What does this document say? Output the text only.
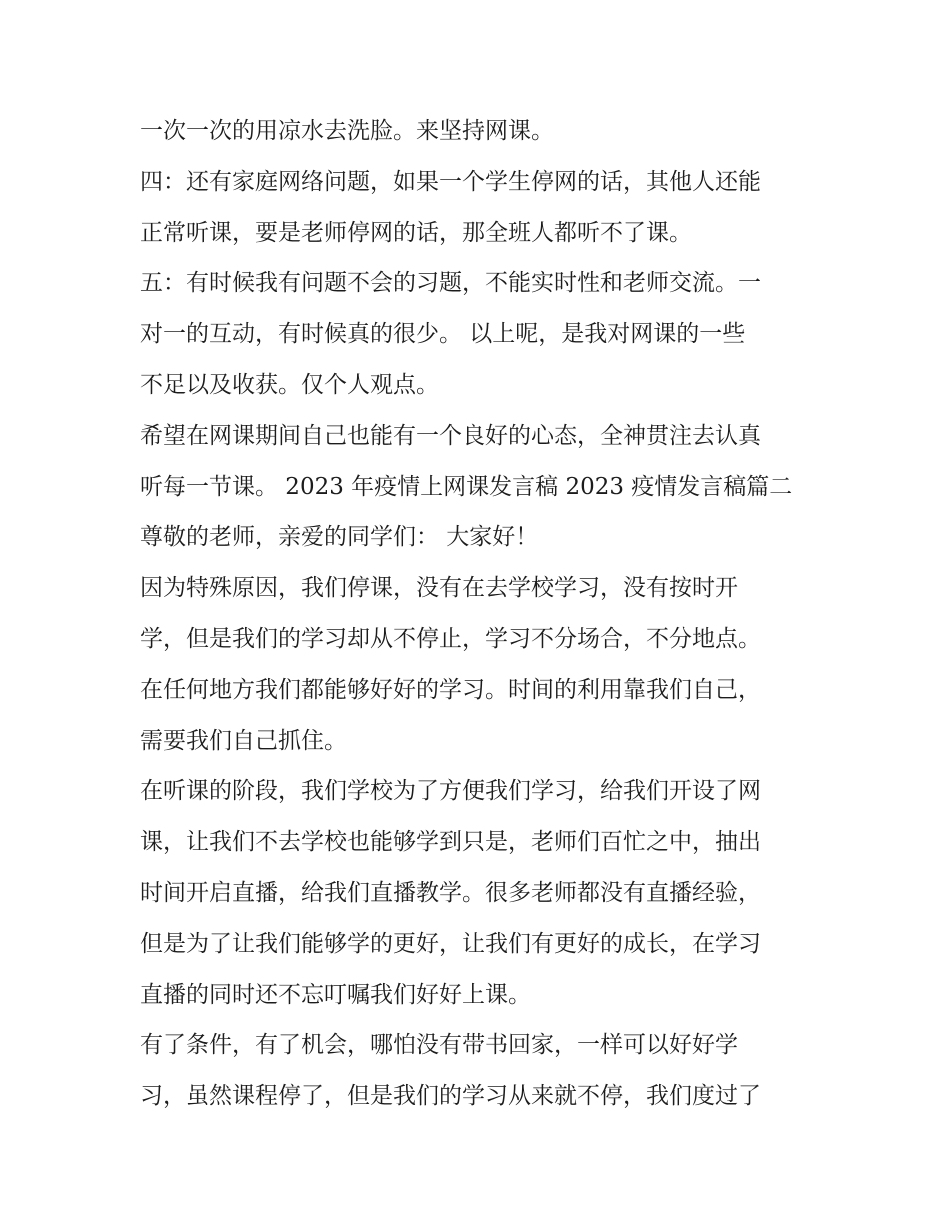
一次一次的用凉水去洗脸。来坚持网课。
四：还有家庭网络问题，如果一个学生停网的话，其他人还能
正常听课，要是老师停网的话，那全班人都听不了课。
五：有时候我有问题不会的习题，不能实时性和老师交流。一
对一的互动，有时候真的很少。 以上呢，是我对网课的一些
不足以及收获。仅个人观点。
希望在网课期间自己也能有一个良好的心态，全神贯注去认真
听每一节课。 2023 年疫情上网课发言稿 2023 疫情发言稿篇二
尊敬的老师，亲爱的同学们： 大家好！
因为特殊原因，我们停课，没有在去学校学习，没有按时开
学，但是我们的学习却从不停止，学习不分场合，不分地点。
在任何地方我们都能够好好的学习。时间的利用靠我们自己，
需要我们自己抓住。
在听课的阶段，我们学校为了方便我们学习，给我们开设了网
课，让我们不去学校也能够学到只是，老师们百忙之中，抽出
时间开启直播，给我们直播教学。很多老师都没有直播经验，
但是为了让我们能够学的更好，让我们有更好的成长，在学习
直播的同时还不忘叮嘱我们好好上课。
有了条件，有了机会，哪怕没有带书回家，一样可以好好学
习，虽然课程停了，但是我们的学习从来就不停，我们度过了
